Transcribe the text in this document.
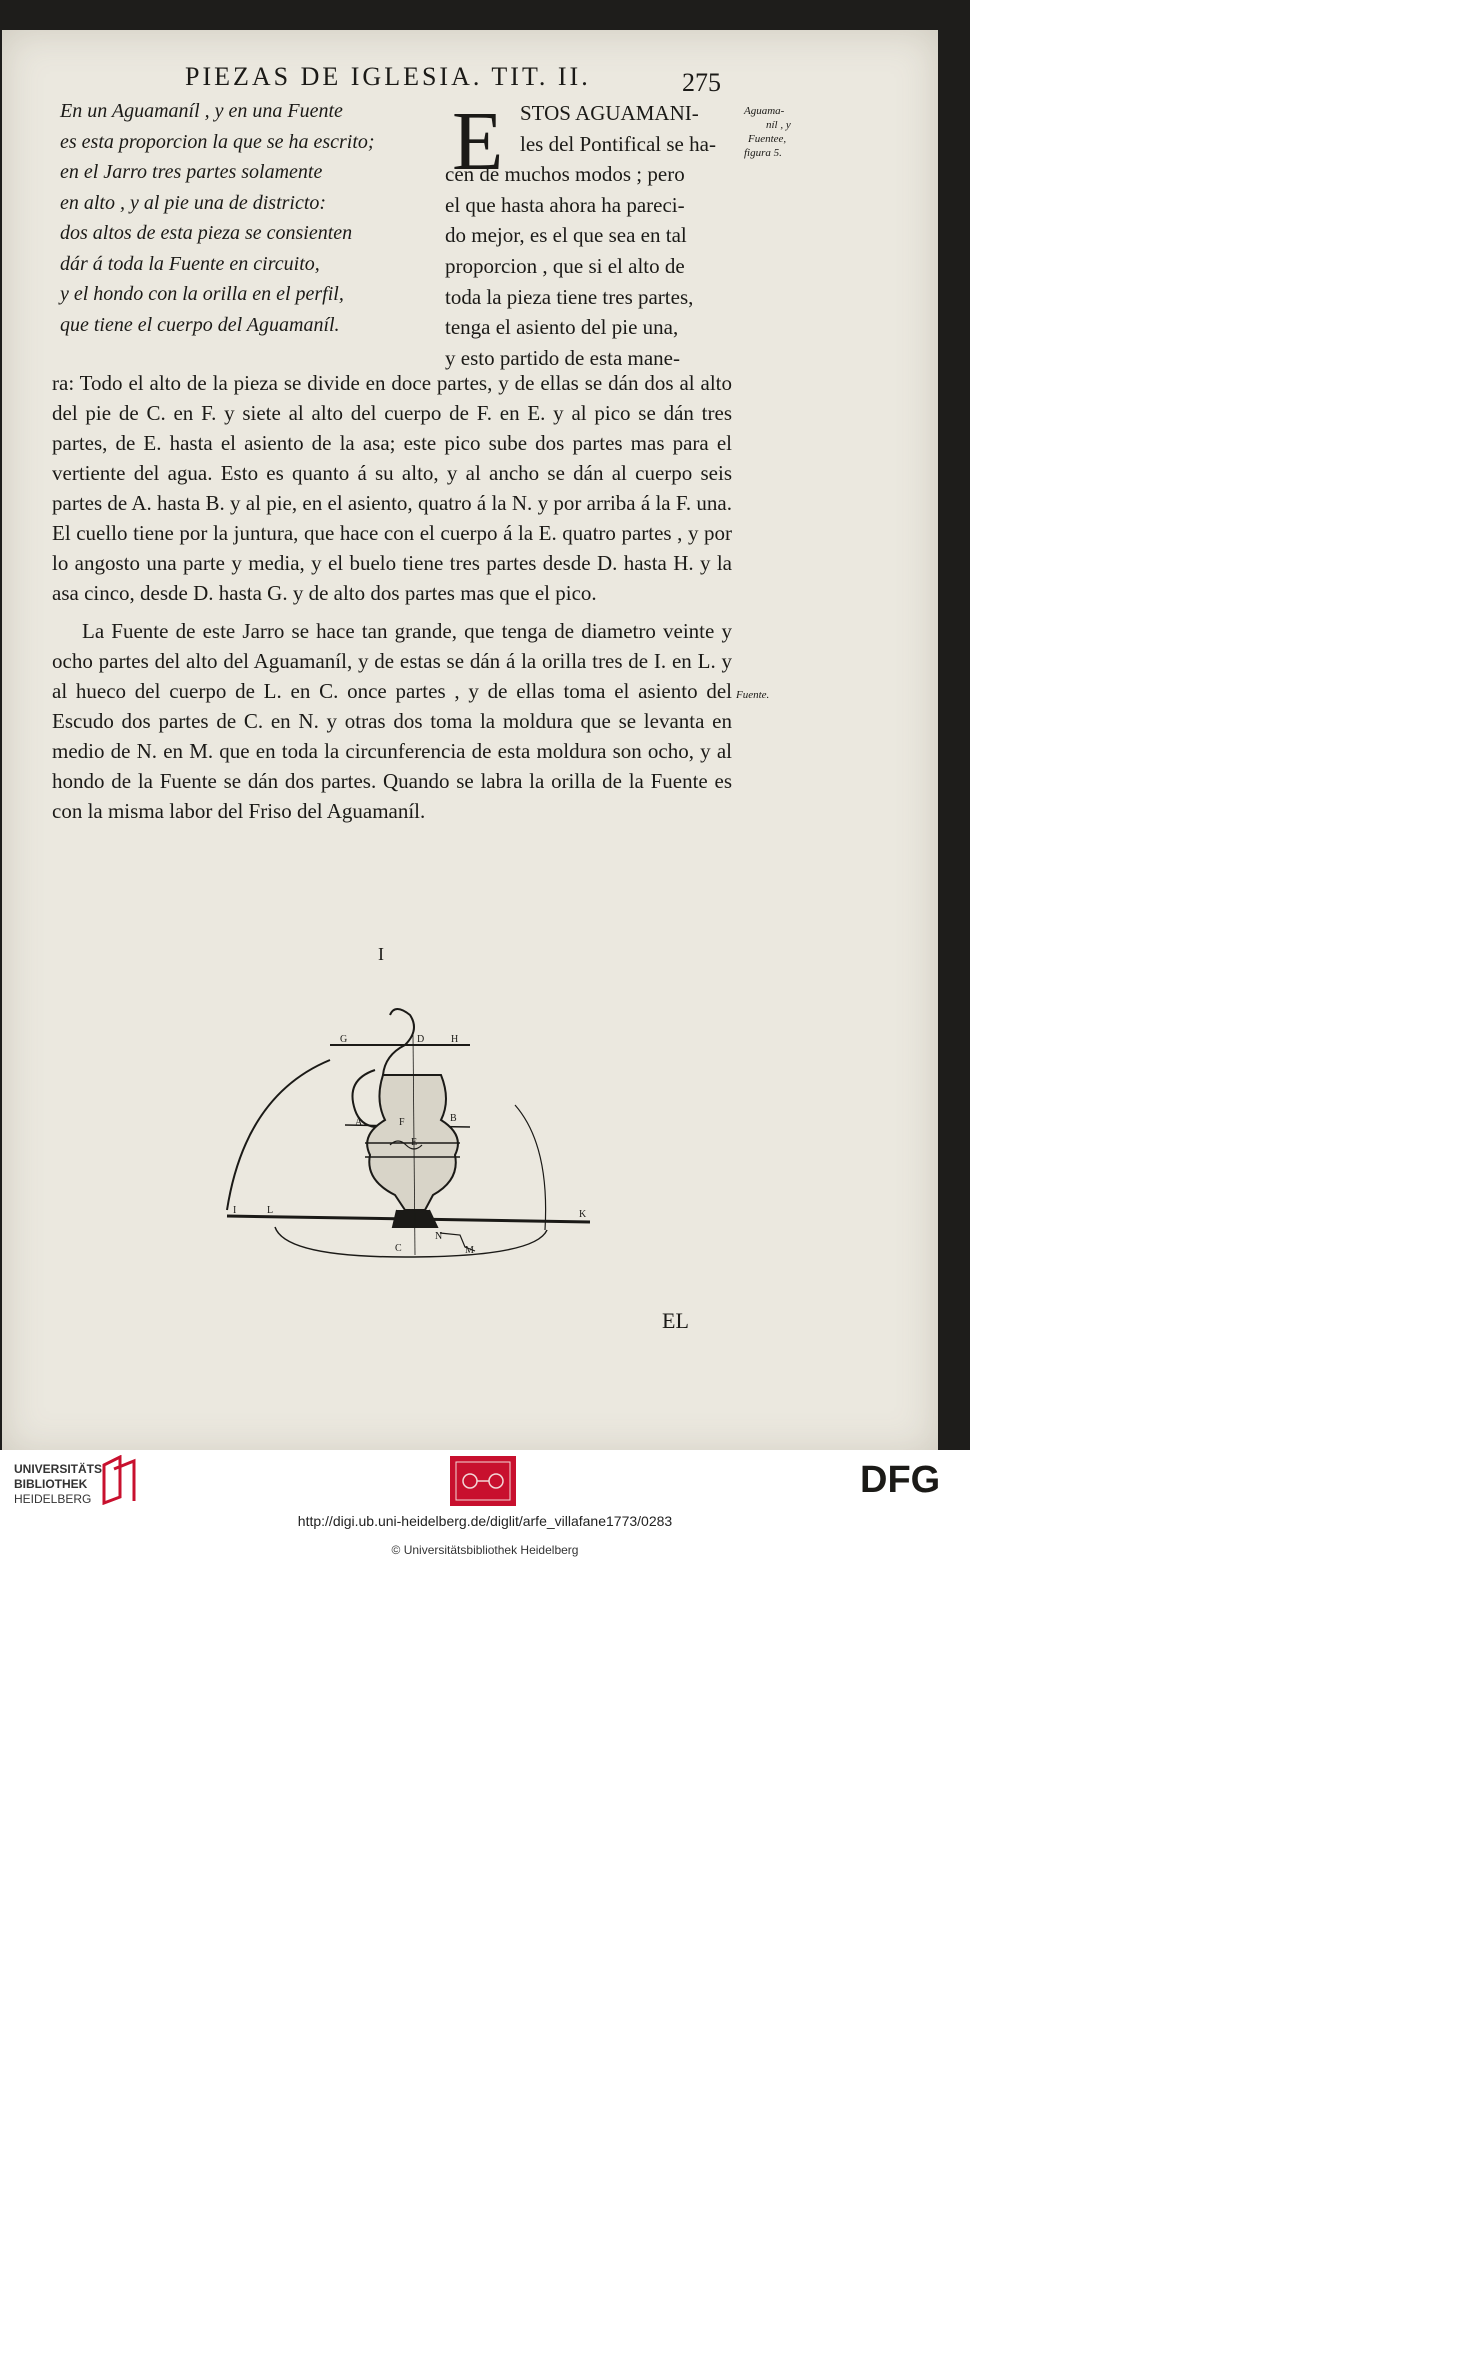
PIEZAS DE IGLESIA. TIT. II.	275
En un Aguamaníl , y en una Fuente
es esta proporcion la que se ha escrito;
en el Jarro tres partes solamente
en alto , y al pie una de districto:
dos altos de esta pieza se consienten
dár á toda la Fuente en circuito,
y el hondo con la orilla en el perfil,
que tiene el cuerpo del Aguamaníl.
E STOS AGUAMANI-
les del Pontifical se ha-
cen de muchos modos ; pero
el que hasta ahora ha pareci-
do mejor, es el que sea en tal
proporcion , que si el alto de
toda la pieza tiene tres partes,
tenga el asiento del pie una,
y esto partido de esta mane-
Aguama-
níl , y
Fuentee,
figura 5.

ra: Todo el alto de la pieza se divide en doce partes, y de ellas se dán dos al alto del pie de C. en F. y siete al alto del cuerpo de F. en E. y al pico se dán tres partes, de E. hasta el asiento de la asa; este pico sube dos partes mas para el vertiente del agua. Esto es quanto á su alto, y al ancho se dán al cuerpo seis partes de A. hasta B. y al pie, en el asiento, quatro á la N. y por arriba á la F. una. El cuello tiene por la juntura, que hace con el cuerpo á la E. quatro partes , y por lo angosto una parte y media, y el buelo tiene tres partes desde D. hasta H. y la asa cinco, desde D. hasta G. y de alto dos partes mas que el pico.

La Fuente de este Jarro se hace tan grande, que tenga de diametro veinte y ocho partes del alto del Aguamaníl, y de estas se dán á la orilla tres de I. en L. y al hueco del cuerpo de L. en C. once partes , y de ellas toma el asiento del Escudo dos partes de C. en N. y otras dos toma la moldura que se levanta en medio de N. en M. que en toda la circunferencia de esta moldura son ocho, y al hondo de la Fuente se dán dos partes. Quando se labra la orilla de la Fuente es con la misma labor del Friso del Aguamaníl.

Fuente.
I
G	D	H
A	F	B
E
I	L	K
N
C	M
EL
UNIVERSITÄTS-
BIBLIOTHEK
HEIDELBERG	DFG
http://digi.ub.uni-heidelberg.de/diglit/arfe_villafane1773/0283
© Universitätsbibliothek Heidelberg
